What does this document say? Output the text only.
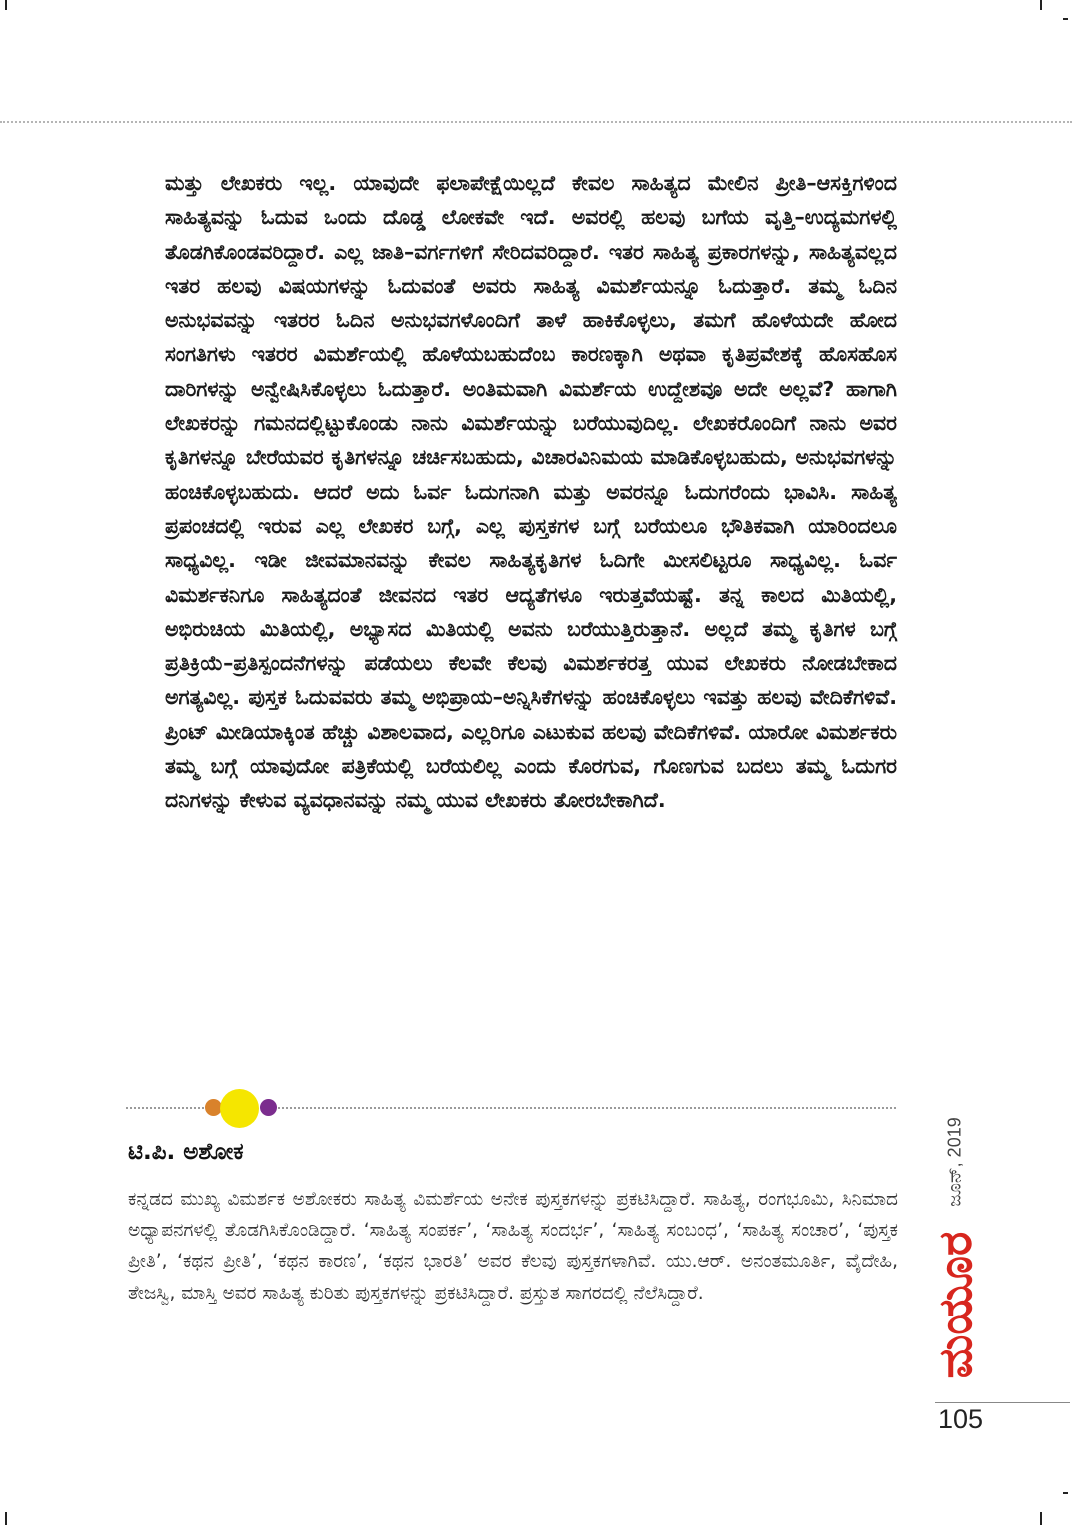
ಮತ್ತು ಲೇಖಕರು ಇಲ್ಲ. ಯಾವುದೇ ಫಲಾಪೇಕ್ಷೆಯಿಲ್ಲದೆ ಕೇವಲ ಸಾಹಿತ್ಯದ ಮೇಲಿನ ಪ್ರೀತಿ–ಆಸಕ್ತಿಗಳಿಂದ ಸಾಹಿತ್ಯವನ್ನು ಓದುವ ಒಂದು ದೊಡ್ಡ ಲೋಕವೇ ಇದೆ. ಅವರಲ್ಲಿ ಹಲವು ಬಗೆಯ ವೃತ್ತಿ–ಉದ್ಯಮಗಳಲ್ಲಿ ತೊಡಗಿಕೊಂಡವರಿದ್ದಾರೆ. ಎಲ್ಲ ಜಾತಿ–ವರ್ಗಗಳಿಗೆ ಸೇರಿದವರಿದ್ದಾರೆ. ಇತರ ಸಾಹಿತ್ಯ ಪ್ರಕಾರಗಳನ್ನು, ಸಾಹಿತ್ಯವಲ್ಲದ ಇತರ ಹಲವು ವಿಷಯಗಳನ್ನು ಓದುವಂತೆ ಅವರು ಸಾಹಿತ್ಯ ವಿಮರ್ಶೆಯನ್ನೂ ಓದುತ್ತಾರೆ. ತಮ್ಮ ಓದಿನ ಅನುಭವವನ್ನು ಇತರರ ಓದಿನ ಅನುಭವಗಳೊಂದಿಗೆ ತಾಳೆ ಹಾಕಿಕೊಳ್ಳಲು, ತಮಗೆ ಹೊಳೆಯದೇ ಹೋದ ಸಂಗತಿಗಳು ಇತರರ ವಿಮರ್ಶೆಯಲ್ಲಿ ಹೊಳೆಯಬಹುದೆಂಬ ಕಾರಣಕ್ಕಾಗಿ ಅಥವಾ ಕೃತಿಪ್ರವೇಶಕ್ಕೆ ಹೊಸಹೊಸ ದಾರಿಗಳನ್ನು ಅನ್ವೇಷಿಸಿಕೊಳ್ಳಲು ಓದುತ್ತಾರೆ. ಅಂತಿಮವಾಗಿ ವಿಮರ್ಶೆಯ ಉದ್ದೇಶವೂ ಅದೇ ಅಲ್ಲವೆ? ಹಾಗಾಗಿ ಲೇಖಕರನ್ನು ಗಮನದಲ್ಲಿಟ್ಟುಕೊಂಡು ನಾನು ವಿಮರ್ಶೆಯನ್ನು ಬರೆಯುವುದಿಲ್ಲ. ಲೇಖಕರೊಂದಿಗೆ ನಾನು ಅವರ ಕೃತಿಗಳನ್ನೂ ಬೇರೆಯವರ ಕೃತಿಗಳನ್ನೂ ಚರ್ಚಿಸಬಹುದು, ವಿಚಾರವಿನಿಮಯ ಮಾಡಿಕೊಳ್ಳಬಹುದು, ಅನುಭವಗಳನ್ನು ಹಂಚಿಕೊಳ್ಳಬಹುದು. ಆದರೆ ಅದು ಓರ್ವ ಓದುಗನಾಗಿ ಮತ್ತು ಅವರನ್ನೂ ಓದುಗರೆಂದು ಭಾವಿಸಿ. ಸಾಹಿತ್ಯ ಪ್ರಪಂಚದಲ್ಲಿ ಇರುವ ಎಲ್ಲ ಲೇಖಕರ ಬಗ್ಗೆ, ಎಲ್ಲ ಪುಸ್ತಕಗಳ ಬಗ್ಗೆ ಬರೆಯಲೂ ಭೌತಿಕವಾಗಿ ಯಾರಿಂದಲೂ ಸಾಧ್ಯವಿಲ್ಲ. ಇಡೀ ಜೀವಮಾನವನ್ನು ಕೇವಲ ಸಾಹಿತ್ಯಕೃತಿಗಳ ಓದಿಗೇ ಮೀಸಲಿಟ್ಟರೂ ಸಾಧ್ಯವಿಲ್ಲ. ಓರ್ವ ವಿಮರ್ಶಕನಿಗೂ ಸಾಹಿತ್ಯದಂತೆ ಜೀವನದ ಇತರ ಆದ್ಯತೆಗಳೂ ಇರುತ್ತವೆಯಷ್ಟೆ. ತನ್ನ ಕಾಲದ ಮಿತಿಯಲ್ಲಿ, ಅಭಿರುಚಿಯ ಮಿತಿಯಲ್ಲಿ, ಅಭ್ಯಾಸದ ಮಿತಿಯಲ್ಲಿ ಅವನು ಬರೆಯುತ್ತಿರುತ್ತಾನೆ. ಅಲ್ಲದೆ ತಮ್ಮ ಕೃತಿಗಳ ಬಗ್ಗೆ ಪ್ರತಿಕ್ರಿಯೆ–ಪ್ರತಿಸ್ಪಂದನೆಗಳನ್ನು ಪಡೆಯಲು ಕೆಲವೇ ಕೆಲವು ವಿಮರ್ಶಕರತ್ತ ಯುವ ಲೇಖಕರು ನೋಡಬೇಕಾದ ಅಗತ್ಯವಿಲ್ಲ. ಪುಸ್ತಕ ಓದುವವರು ತಮ್ಮ ಅಭಿಪ್ರಾಯ–ಅನ್ನಿಸಿಕೆಗಳನ್ನು ಹಂಚಿಕೊಳ್ಳಲು ಇವತ್ತು ಹಲವು ವೇದಿಕೆಗಳಿವೆ. ಪ್ರಿಂಟ್ ಮೀಡಿಯಾಕ್ಕಿಂತ ಹೆಚ್ಚು ವಿಶಾಲವಾದ, ಎಲ್ಲರಿಗೂ ಎಟುಕುವ ಹಲವು ವೇದಿಕೆಗಳಿವೆ. ಯಾರೋ ವಿಮರ್ಶಕರು ತಮ್ಮ ಬಗ್ಗೆ ಯಾವುದೋ ಪತ್ರಿಕೆಯಲ್ಲಿ ಬರೆಯಲಿಲ್ಲ ಎಂದು ಕೊರಗುವ, ಗೊಣಗುವ ಬದಲು ತಮ್ಮ ಓದುಗರ ದನಿಗಳನ್ನು ಕೇಳುವ ವ್ಯವಧಾನವನ್ನು ನಮ್ಮ ಯುವ ಲೇಖಕರು ತೋರಬೇಕಾಗಿದೆ.

ಟಿ.ಪಿ. ಅಶೋಕ

ಕನ್ನಡದ ಮುಖ್ಯ ವಿಮರ್ಶಕ ಅಶೋಕರು ಸಾಹಿತ್ಯ ವಿಮರ್ಶೆಯ ಅನೇಕ ಪುಸ್ತಕಗಳನ್ನು ಪ್ರಕಟಿಸಿದ್ದಾರೆ. ಸಾಹಿತ್ಯ, ರಂಗಭೂಮಿ, ಸಿನಿಮಾದ ಅಧ್ಯಾಪನಗಳಲ್ಲಿ ತೊಡಗಿಸಿಕೊಂಡಿದ್ದಾರೆ. ‘ಸಾಹಿತ್ಯ ಸಂಪರ್ಕ’, ‘ಸಾಹಿತ್ಯ ಸಂದರ್ಭ’, ‘ಸಾಹಿತ್ಯ ಸಂಬಂಧ’, ‘ಸಾಹಿತ್ಯ ಸಂಚಾರ’, ‘ಪುಸ್ತಕ ಪ್ರೀತಿ’, ‘ಕಥನ ಪ್ರೀತಿ’, ‘ಕಥನ ಕಾರಣ’, ‘ಕಥನ ಭಾರತಿ’ ಅವರ ಕೆಲವು ಪುಸ್ತಕಗಳಾಗಿವೆ. ಯು.ಆರ್. ಅನಂತಮೂರ್ತಿ, ವೈದೇಹಿ, ತೇಜಸ್ವಿ, ಮಾಸ್ತಿ ಅವರ ಸಾಹಿತ್ಯ ಕುರಿತು ಪುಸ್ತಕಗಳನ್ನು ಪ್ರಕಟಿಸಿದ್ದಾರೆ. ಪ್ರಸ್ತುತ ಸಾಗರದಲ್ಲಿ ನೆಲೆಸಿದ್ದಾರೆ.

ಜೂನ್, 2019
ಮಯೂರ
105
